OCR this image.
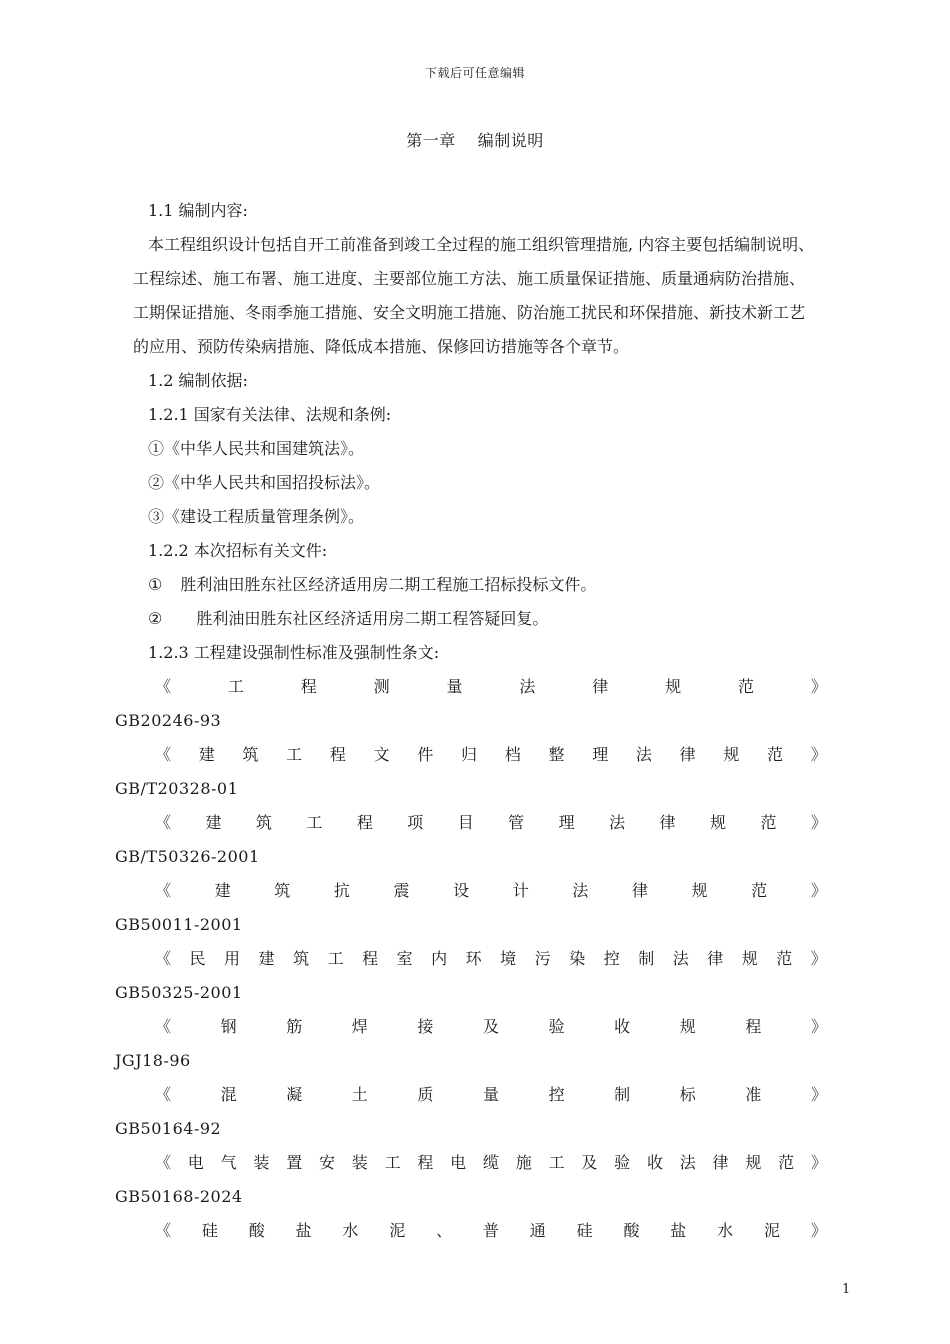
下载后可任意编辑
第一章 编制说明

1.1 编制内容:

本工程组织设计包括自开工前准备到竣工全过程的施工组织管理措施, 内容主要包括编制说明、

工程综述、施工布署、施工进度、主要部位施工方法、施工质量保证措施、质量通病防治措施、

工期保证措施、冬雨季施工措施、安全文明施工措施、防治施工扰民和环保措施、新技术新工艺

的应用、预防传染病措施、降低成本措施、保修回访措施等各个章节。

1.2 编制依据:

1.2.1 国家有关法律、法规和条例:

①《中华人民共和国建筑法》。

②《中华人民共和国招投标法》。

③《建设工程质量管理条例》。

1.2.2 本次招标有关文件:

① 胜利油田胜东社区经济适用房二期工程施工招标投标文件。

② 胜利油田胜东社区经济适用房二期工程答疑回复。

1.2.3 工程建设强制性标准及强制性条文:

《	工	程	测	量	法	律	规	范	》

GB20246-93

《 建 筑 工 程 文 件 归 档 整 理 法 律 规 范 》

GB/T20328-01

《 建 筑 工 程 项 目 管 理 法 律 规 范 》

GB/T50326-2001

《	建	筑	抗	震	设	计	法	律	规	范	》

GB50011-2001

《 民 用 建 筑 工 程 室 内 环 境 污 染 控 制 法 律 规 范 》

GB50325-2001

《	钢	筋	焊	接	及	验	收	规	程	》

JGJ18-96

《	混	凝	土	质	量	控	制	标	准	》

GB50164-92

《 电 气 装 置 安 装 工 程 电 缆 施 工 及 验 收 法 律 规 范 》

GB50168-2024

《 硅 酸 盐 水 泥 、 普 通 硅 酸 盐 水 泥 》
1
